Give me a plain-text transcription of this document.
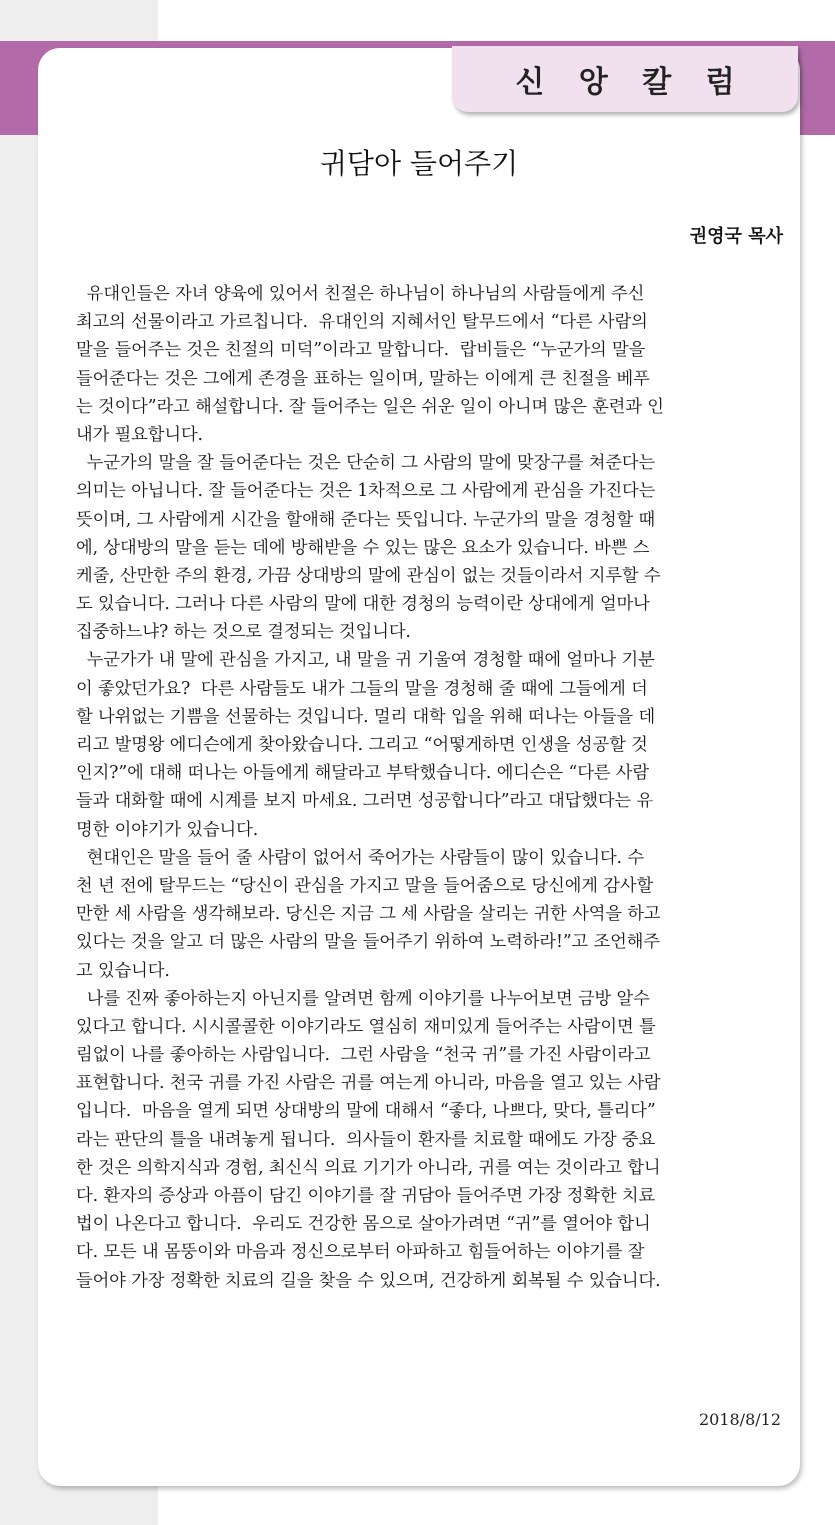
신 앙 칼 럼
귀담아 들어주기
권영국 목사
유대인들은 자녀 양육에 있어서 친절은 하나님이 하나님의 사람들에게 주신
최고의 선물이라고 가르칩니다.  유대인의 지혜서인 탈무드에서 “다른 사람의
말을 들어주는 것은 친절의 미덕”이라고 말합니다.  랍비들은 “누군가의 말을
들어준다는 것은 그에게 존경을 표하는 일이며, 말하는 이에게 큰 친절을 베푸
는 것이다”라고 해설합니다. 잘 들어주는 일은 쉬운 일이 아니며 많은 훈련과 인
내가 필요합니다.
누군가의 말을 잘 들어준다는 것은 단순히 그 사람의 말에 맞장구를 쳐준다는
의미는 아닙니다. 잘 들어준다는 것은 1차적으로 그 사람에게 관심을 가진다는
뜻이며, 그 사람에게 시간을 할애해 준다는 뜻입니다. 누군가의 말을 경청할 때
에, 상대방의 말을 듣는 데에 방해받을 수 있는 많은 요소가 있습니다. 바쁜 스
케줄, 산만한 주의 환경, 가끔 상대방의 말에 관심이 없는 것들이라서 지루할 수
도 있습니다. 그러나 다른 사람의 말에 대한 경청의 능력이란 상대에게 얼마나
집중하느냐? 하는 것으로 결정되는 것입니다.
누군가가 내 말에 관심을 가지고, 내 말을 귀 기울여 경청할 때에 얼마나 기분
이 좋았던가요?  다른 사람들도 내가 그들의 말을 경청해 줄 때에 그들에게 더
할 나위없는 기쁨을 선물하는 것입니다. 멀리 대학 입을 위해 떠나는 아들을 데
리고 발명왕 에디슨에게 찾아왔습니다. 그리고 “어떻게하면 인생을 성공할 것
인지?”에 대해 떠나는 아들에게 해달라고 부탁했습니다. 에디슨은 “다른 사람
들과 대화할 때에 시계를 보지 마세요. 그러면 성공합니다”라고 대답했다는 유
명한 이야기가 있습니다.
현대인은 말을 들어 줄 사람이 없어서 죽어가는 사람들이 많이 있습니다. 수
천 년 전에 탈무드는 “당신이 관심을 가지고 말을 들어줌으로 당신에게 감사할
만한 세 사람을 생각해보라. 당신은 지금 그 세 사람을 살리는 귀한 사역을 하고
있다는 것을 알고 더 많은 사람의 말을 들어주기 위하여 노력하라!”고 조언해주
고 있습니다.
나를 진짜 좋아하는지 아닌지를 알려면 함께 이야기를 나누어보면 금방 알수
있다고 합니다. 시시콜콜한 이야기라도 열심히 재미있게 들어주는 사람이면 틀
림없이 나를 좋아하는 사람입니다.  그런 사람을 “천국 귀”를 가진 사람이라고
표현합니다. 천국 귀를 가진 사람은 귀를 여는게 아니라, 마음을 열고 있는 사람
입니다.  마음을 열게 되면 상대방의 말에 대해서 “좋다, 나쁘다, 맞다, 틀리다”
라는 판단의 틀을 내려놓게 됩니다.  의사들이 환자를 치료할 때에도 가장 중요
한 것은 의학지식과 경험, 최신식 의료 기기가 아니라, 귀를 여는 것이라고 합니
다. 환자의 증상과 아픔이 담긴 이야기를 잘 귀담아 들어주면 가장 정확한 치료
법이 나온다고 합니다.  우리도 건강한 몸으로 살아가려면 “귀”를 열어야 합니
다. 모든 내 몸뚱이와 마음과 정신으로부터 아파하고 힘들어하는 이야기를 잘
들어야 가장 정확한 치료의 길을 찾을 수 있으며, 건강하게 회복될 수 있습니다.
2018/8/12
